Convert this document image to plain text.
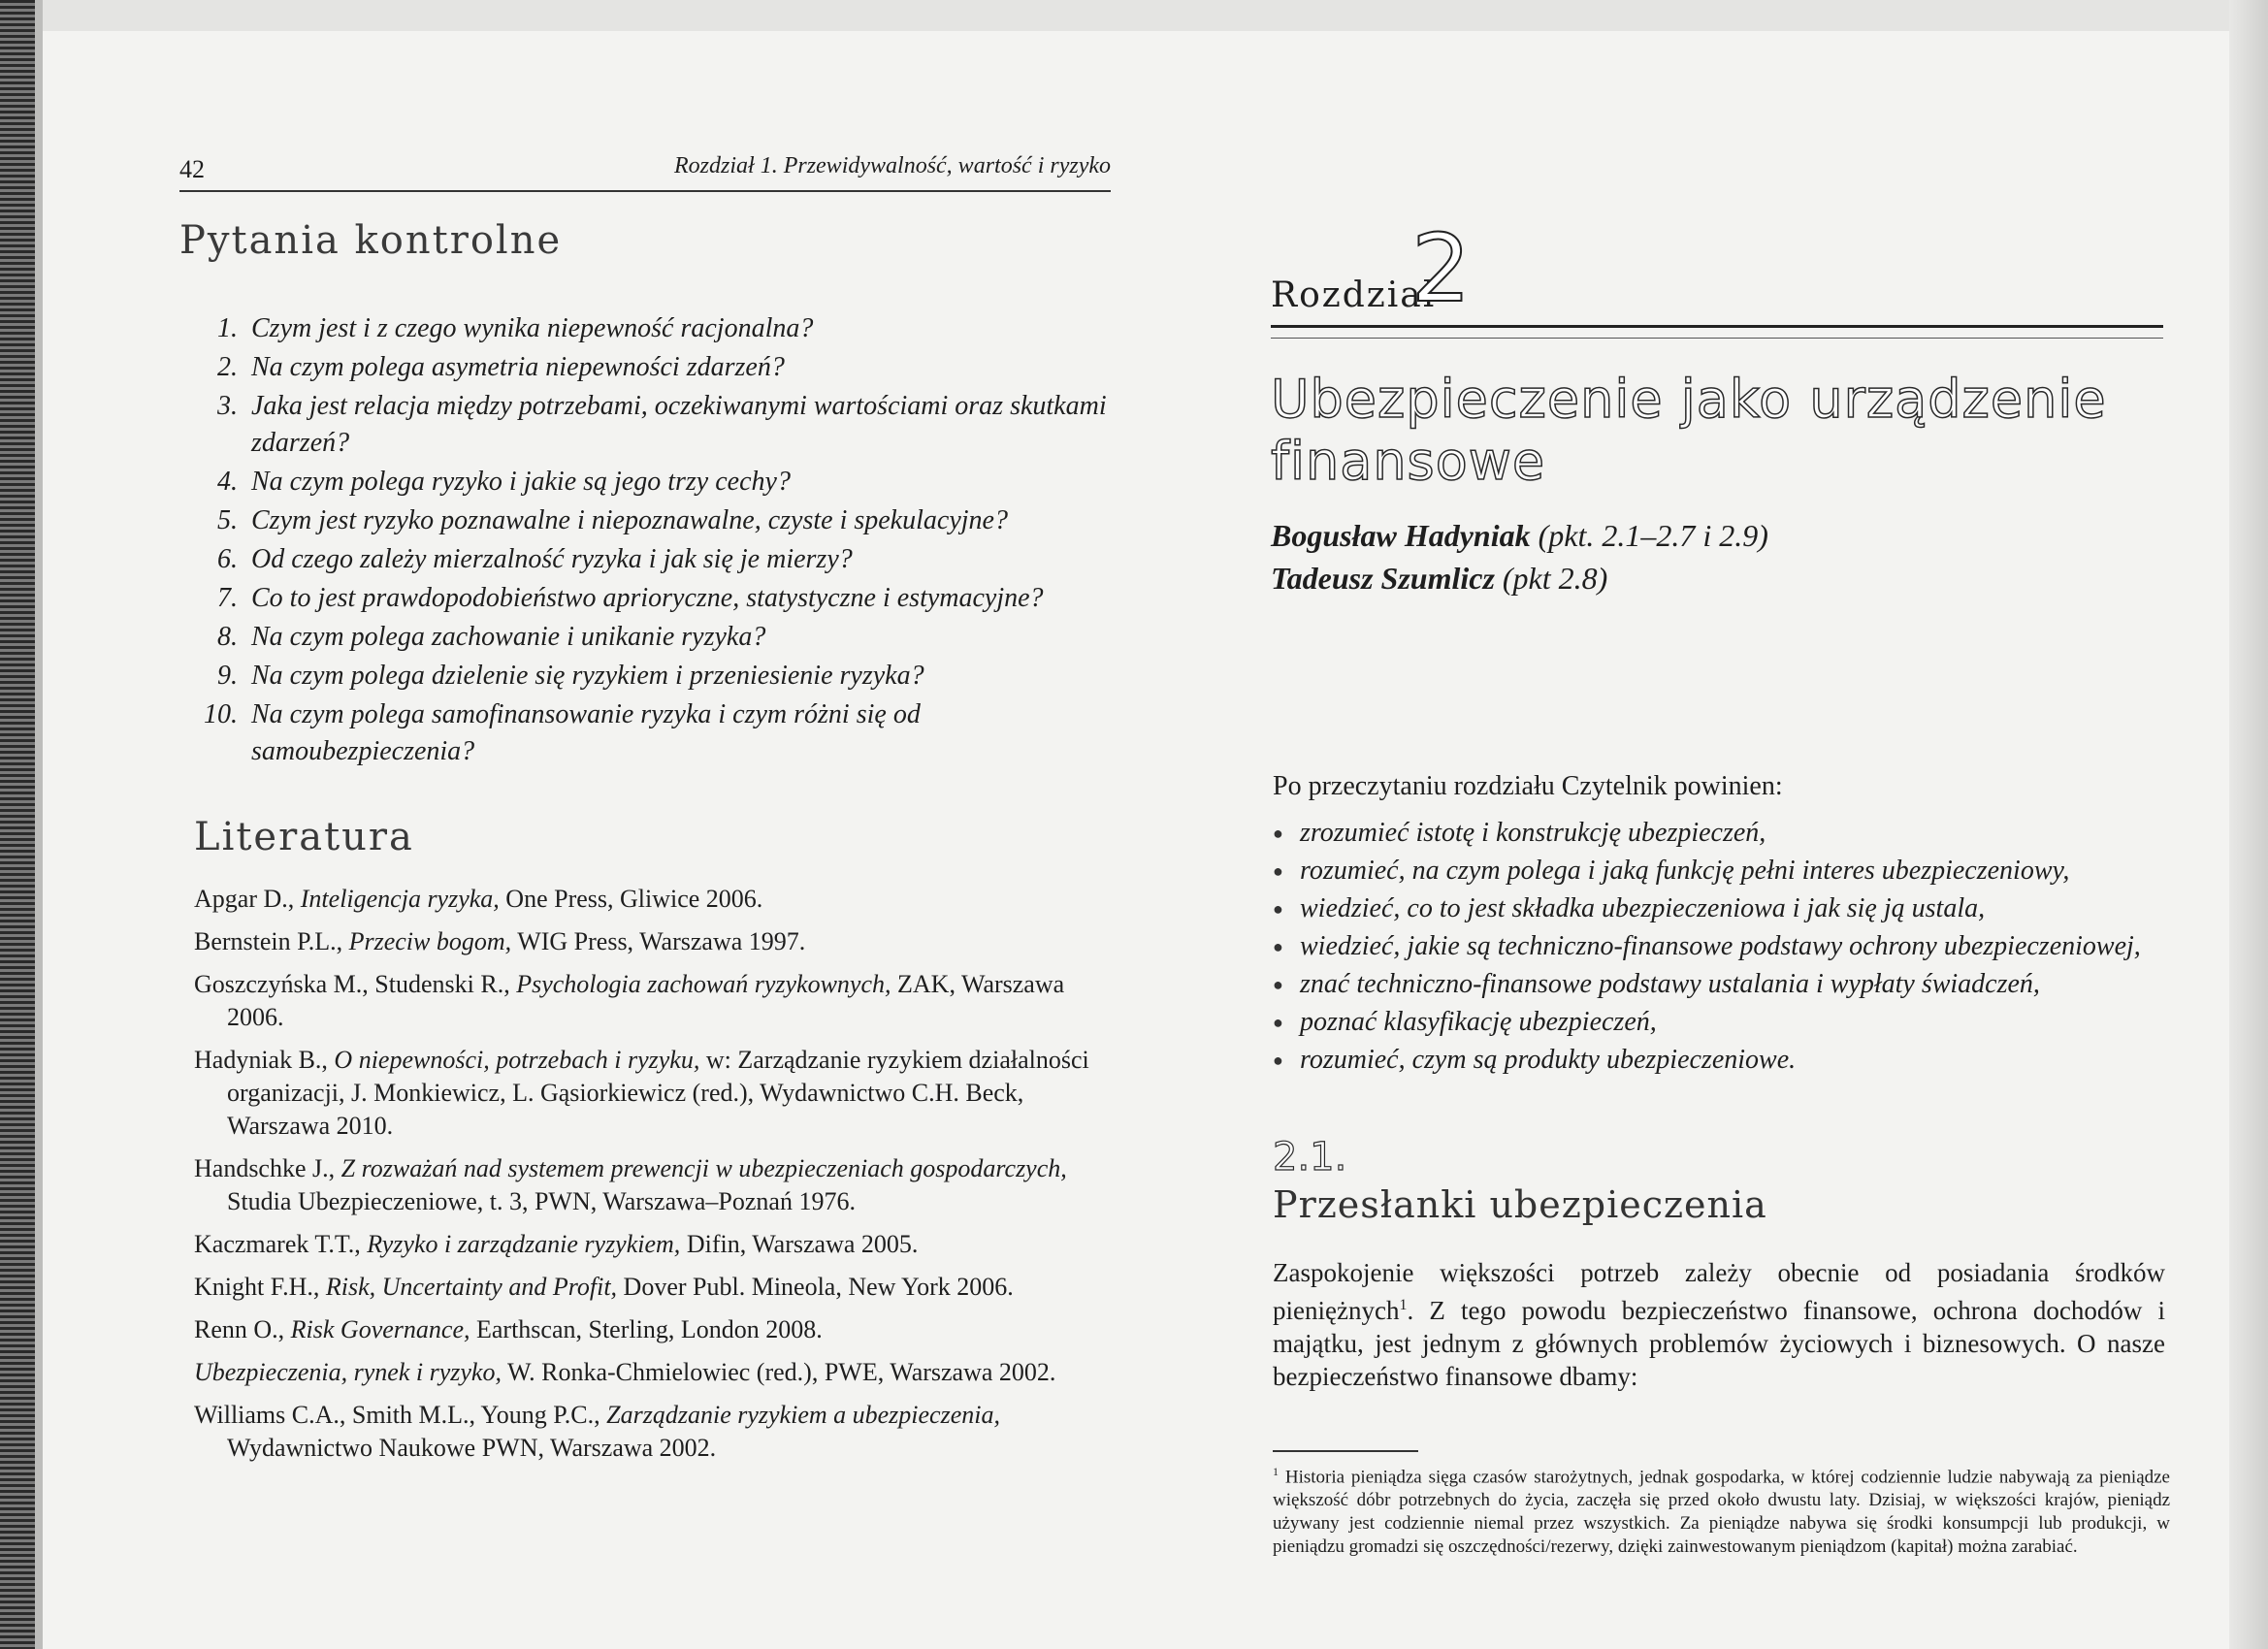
42	Rozdział 1. Przewidywalność, wartość i ryzyko
Pytania kontrolne
1. Czym jest i z czego wynika niepewność racjonalna?
2. Na czym polega asymetria niepewności zdarzeń?
3. Jaka jest relacja między potrzebami, oczekiwanymi wartościami oraz skutkami zdarzeń?
4. Na czym polega ryzyko i jakie są jego trzy cechy?
5. Czym jest ryzyko poznawalne i niepoznawalne, czyste i spekulacyjne?
6. Od czego zależy mierzalność ryzyka i jak się je mierzy?
7. Co to jest prawdopodobieństwo aprioryczne, statystyczne i estymacyjne?
8. Na czym polega zachowanie i unikanie ryzyka?
9. Na czym polega dzielenie się ryzykiem i przeniesienie ryzyka?
10. Na czym polega samofinansowanie ryzyka i czym różni się od samoubezpieczenia?
Literatura
Apgar D., Inteligencja ryzyka, One Press, Gliwice 2006.
Bernstein P.L., Przeciw bogom, WIG Press, Warszawa 1997.
Goszczyńska M., Studenski R., Psychologia zachowań ryzykownych, ZAK, Warszawa 2006.
Hadyniak B., O niepewności, potrzebach i ryzyku, w: Zarządzanie ryzykiem działalności organizacji, J. Monkiewicz, L. Gąsiorkiewicz (red.), Wydawnictwo C.H. Beck, Warszawa 2010.
Handschke J., Z rozważań nad systemem prewencji w ubezpieczeniach gospodarczych, Studia Ubezpieczeniowe, t. 3, PWN, Warszawa–Poznań 1976.
Kaczmarek T.T., Ryzyko i zarządzanie ryzykiem, Difin, Warszawa 2005.
Knight F.H., Risk, Uncertainty and Profit, Dover Publ. Mineola, New York 2006.
Renn O., Risk Governance, Earthscan, Sterling, London 2008.
Ubezpieczenia, rynek i ryzyko, W. Ronka-Chmielowiec (red.), PWE, Warszawa 2002.
Williams C.A., Smith M.L., Young P.C., Zarządzanie ryzykiem a ubezpieczenia, Wydawnictwo Naukowe PWN, Warszawa 2002.
Rozdział
2
Ubezpieczenie jako urządzenie finansowe
Bogusław Hadyniak (pkt. 2.1–2.7 i 2.9)
Tadeusz Szumlicz (pkt 2.8)
Po przeczytaniu rozdziału Czytelnik powinien:
● zrozumieć istotę i konstrukcję ubezpieczeń,
● rozumieć, na czym polega i jaką funkcję pełni interes ubezpieczeniowy,
● wiedzieć, co to jest składka ubezpieczeniowa i jak się ją ustala,
● wiedzieć, jakie są techniczno-finansowe podstawy ochrony ubezpieczeniowej,
● znać techniczno-finansowe podstawy ustalania i wypłaty świadczeń,
● poznać klasyfikację ubezpieczeń,
● rozumieć, czym są produkty ubezpieczeniowe.
2.1.
Przesłanki ubezpieczenia
Zaspokojenie większości potrzeb zależy obecnie od posiadania środków pieniężnych$^1$. Z tego powodu bezpieczeństwo finansowe, ochrona dochodów i majątku, jest jednym z głównych problemów życiowych i biznesowych. O nasze bezpieczeństwo finansowe dbamy:
$^1$ Historia pieniądza sięga czasów starożytnych, jednak gospodarka, w której codziennie ludzie nabywają za pieniądze większość dóbr potrzebnych do życia, zaczęła się przed około dwustu laty. Dzisiaj, w większości krajów, pieniądz używany jest codziennie niemal przez wszystkich. Za pieniądze nabywa się środki konsumpcji lub produkcji, w pieniądzu gromadzi się oszczędności/rezerwy, dzięki zainwestowanym pieniądzom (kapitał) można zarabiać.
